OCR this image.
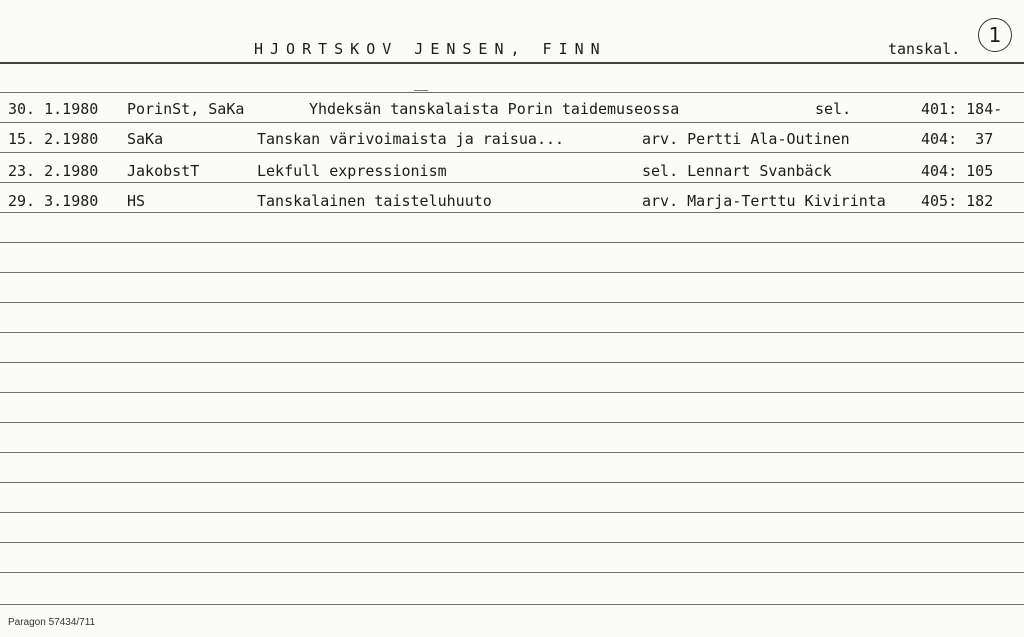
HJORTSKOV JENSEN, FINN	tanskal.
1
30. 1.1980 PorinSt, SaKa	Yhdeksän tanskalaista Porin taidemuseossa	sel.	401: 184-
15. 2.1980 SaKa	Tanskan värivoimaista ja raisua...	arv. Pertti Ala-Outinen	404:  37
23. 2.1980 JakobstT	Lekfull expressionism	sel. Lennart Svanbäck	404: 105
29. 3.1980 HS	Tanskalainen taisteluhuuto	arv. Marja-Terttu Kivirinta 405: 182
Paragon 57434/711
